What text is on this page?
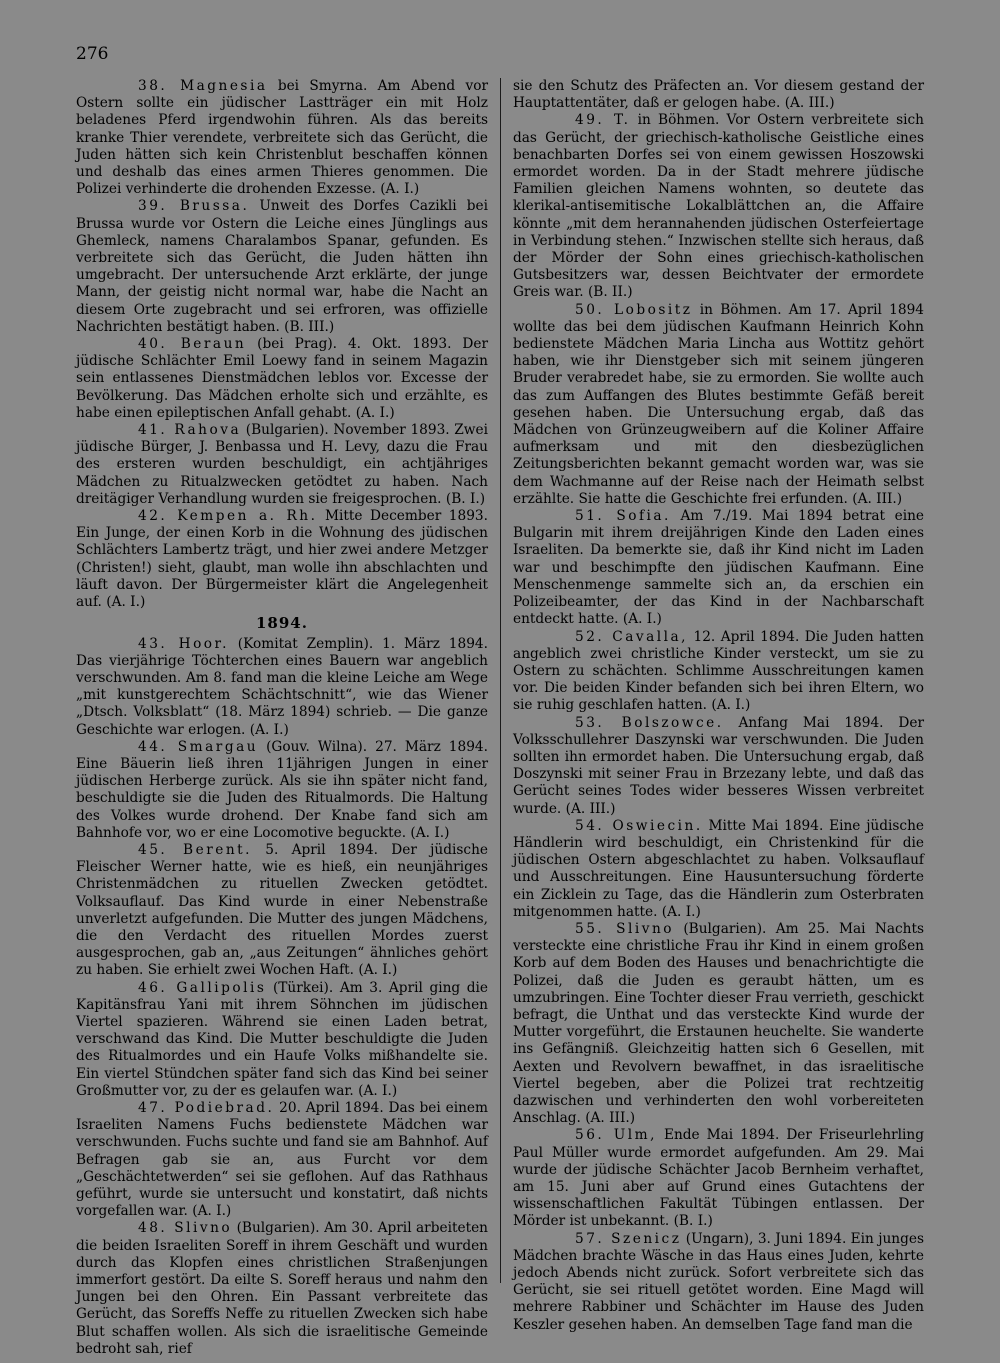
276

38. Magnesia bei Smyrna. Am Abend vor Ostern sollte ein jüdischer Lastträger ein mit Holz beladenes Pferd irgendwohin führen. Als das bereits kranke Thier verendete, verbreitete sich das Gerücht, die Juden hätten sich kein Christenblut beschaffen können und deshalb das eines armen Thieres genommen. Die Polizei verhinderte die drohenden Exzesse. (A. I.)

39. Brussa. Unweit des Dorfes Cazikli bei Brussa wurde vor Ostern die Leiche eines Jünglings aus Ghemleck, namens Charalambos Spanar, gefunden. Es verbreitete sich das Gerücht, die Juden hätten ihn umgebracht. Der untersuchende Arzt erklärte, der junge Mann, der geistig nicht normal war, habe die Nacht an diesem Orte zugebracht und sei erfroren, was offizielle Nachrichten bestätigt haben. (B. III.)

40. Beraun (bei Prag). 4. Okt. 1893. Der jüdische Schlächter Emil Loewy fand in seinem Magazin sein entlassenes Dienstmädchen leblos vor. Excesse der Bevölkerung. Das Mädchen erholte sich und erzählte, es habe einen epileptischen Anfall gehabt. (A. I.)

41. Rahova (Bulgarien). November 1893. Zwei jüdische Bürger, J. Benbassa und H. Levy, dazu die Frau des ersteren wurden beschuldigt, ein achtjähriges Mädchen zu Ritualzwecken getödtet zu haben. Nach dreitägiger Verhandlung wurden sie freigesprochen. (B. I.)

42. Kempen a. Rh. Mitte December 1893. Ein Junge, der einen Korb in die Wohnung des jüdischen Schlächters Lambertz trägt, und hier zwei andere Metzger (Christen!) sieht, glaubt, man wolle ihn abschlachten und läuft davon. Der Bürgermeister klärt die Angelegenheit auf. (A. I.)

1894.

43. Hoor. (Komitat Zemplin). 1. März 1894. Das vierjährige Töchterchen eines Bauern war angeblich verschwunden. Am 8. fand man die kleine Leiche am Wege „mit kunstgerechtem Schächtschnitt“, wie das Wiener „Dtsch. Volksblatt“ (18. März 1894) schrieb. — Die ganze Geschichte war erlogen. (A. I.)

44. Smargau (Gouv. Wilna). 27. März 1894. Eine Bäuerin ließ ihren 11jährigen Jungen in einer jüdischen Herberge zurück. Als sie ihn später nicht fand, beschuldigte sie die Juden des Ritualmords. Die Haltung des Volkes wurde drohend. Der Knabe fand sich am Bahnhofe vor, wo er eine Locomotive beguckte. (A. I.)

45. Berent. 5. April 1894. Der jüdische Fleischer Werner hatte, wie es hieß, ein neunjähriges Christenmädchen zu rituellen Zwecken getödtet. Volksauflauf. Das Kind wurde in einer Nebenstraße unverletzt aufgefunden. Die Mutter des jungen Mädchens, die den Verdacht des rituellen Mordes zuerst ausgesprochen, gab an, „aus Zeitungen“ ähnliches gehört zu haben. Sie erhielt zwei Wochen Haft. (A. I.)

46. Gallipolis (Türkei). Am 3. April ging die Kapitänsfrau Yani mit ihrem Söhnchen im jüdischen Viertel spazieren. Während sie einen Laden betrat, verschwand das Kind. Die Mutter beschuldigte die Juden des Ritualmordes und ein Haufe Volks mißhandelte sie. Ein viertel Stündchen später fand sich das Kind bei seiner Großmutter vor, zu der es gelaufen war. (A. I.)

47. Podiebrad. 20. April 1894. Das bei einem Israeliten Namens Fuchs bedienstete Mädchen war verschwunden. Fuchs suchte und fand sie am Bahnhof. Auf Befragen gab sie an, aus Furcht vor dem „Geschächtetwerden“ sei sie geflohen. Auf das Rathhaus geführt, wurde sie untersucht und konstatirt, daß nichts vorgefallen war. (A. I.)

48. Slivno (Bulgarien). Am 30. April arbeiteten die beiden Israeliten Soreff in ihrem Geschäft und wurden durch das Klopfen eines christlichen Straßenjungen immerfort gestört. Da eilte S. Soreff heraus und nahm den Jungen bei den Ohren. Ein Passant verbreitete das Gerücht, das Soreffs Neffe zu rituellen Zwecken sich habe Blut schaffen wollen. Als sich die israelitische Gemeinde bedroht sah, rief

sie den Schutz des Präfecten an. Vor diesem gestand der Hauptattentäter, daß er gelogen habe. (A. III.)

49. T. in Böhmen. Vor Ostern verbreitete sich das Gerücht, der griechisch-katholische Geistliche eines benachbarten Dorfes sei von einem gewissen Hoszowski ermordet worden. Da in der Stadt mehrere jüdische Familien gleichen Namens wohnten, so deutete das klerikal-antisemitische Lokalblättchen an, die Affaire könnte „mit dem herannahenden jüdischen Osterfeiertage in Verbindung stehen.“ Inzwischen stellte sich heraus, daß der Mörder der Sohn eines griechisch-katholischen Gutsbesitzers war, dessen Beichtvater der ermordete Greis war. (B. II.)

50. Lobositz in Böhmen. Am 17. April 1894 wollte das bei dem jüdischen Kaufmann Heinrich Kohn bedienstete Mädchen Maria Lincha aus Wottitz gehört haben, wie ihr Dienstgeber sich mit seinem jüngeren Bruder verabredet habe, sie zu ermorden. Sie wollte auch das zum Auffangen des Blutes bestimmte Gefäß bereit gesehen haben. Die Untersuchung ergab, daß das Mädchen von Grünzeugweibern auf die Koliner Affaire aufmerksam und mit den diesbezüglichen Zeitungsberichten bekannt gemacht worden war, was sie dem Wachmanne auf der Reise nach der Heimath selbst erzählte. Sie hatte die Geschichte frei erfunden. (A. III.)

51. Sofia. Am 7./19. Mai 1894 betrat eine Bulgarin mit ihrem dreijährigen Kinde den Laden eines Israeliten. Da bemerkte sie, daß ihr Kind nicht im Laden war und beschimpfte den jüdischen Kaufmann. Eine Menschenmenge sammelte sich an, da erschien ein Polizeibeamter, der das Kind in der Nachbarschaft entdeckt hatte. (A. I.)

52. Cavalla, 12. April 1894. Die Juden hatten angeblich zwei christliche Kinder versteckt, um sie zu Ostern zu schächten. Schlimme Ausschreitungen kamen vor. Die beiden Kinder befanden sich bei ihren Eltern, wo sie ruhig geschlafen hatten. (A. I.)

53. Bolszowce. Anfang Mai 1894. Der Volksschullehrer Daszynski war verschwunden. Die Juden sollten ihn ermordet haben. Die Untersuchung ergab, daß Doszynski mit seiner Frau in Brzezany lebte, und daß das Gerücht seines Todes wider besseres Wissen verbreitet wurde. (A. III.)

54. Oswiecin. Mitte Mai 1894. Eine jüdische Händlerin wird beschuldigt, ein Christenkind für die jüdischen Ostern abgeschlachtet zu haben. Volksauflauf und Ausschreitungen. Eine Hausuntersuchung förderte ein Zicklein zu Tage, das die Händlerin zum Osterbraten mitgenommen hatte. (A. I.)

55. Slivno (Bulgarien). Am 25. Mai Nachts versteckte eine christliche Frau ihr Kind in einem großen Korb auf dem Boden des Hauses und benachrichtigte die Polizei, daß die Juden es geraubt hätten, um es umzubringen. Eine Tochter dieser Frau verrieth, geschickt befragt, die Unthat und das versteckte Kind wurde der Mutter vorgeführt, die Erstaunen heuchelte. Sie wanderte ins Gefängniß. Gleichzeitig hatten sich 6 Gesellen, mit Aexten und Revolvern bewaffnet, in das israelitische Viertel begeben, aber die Polizei trat rechtzeitig dazwischen und verhinderten den wohl vorbereiteten Anschlag. (A. III.)

56. Ulm, Ende Mai 1894. Der Friseurlehrling Paul Müller wurde ermordet aufgefunden. Am 29. Mai wurde der jüdische Schächter Jacob Bernheim verhaftet, am 15. Juni aber auf Grund eines Gutachtens der wissenschaftlichen Fakultät Tübingen entlassen. Der Mörder ist unbekannt. (B. I.)

57. Szenicz (Ungarn), 3. Juni 1894. Ein junges Mädchen brachte Wäsche in das Haus eines Juden, kehrte jedoch Abends nicht zurück. Sofort verbreitete sich das Gerücht, sie sei rituell getötet worden. Eine Magd will mehrere Rabbiner und Schächter im Hause des Juden Keszler gesehen haben. An demselben Tage fand man die
